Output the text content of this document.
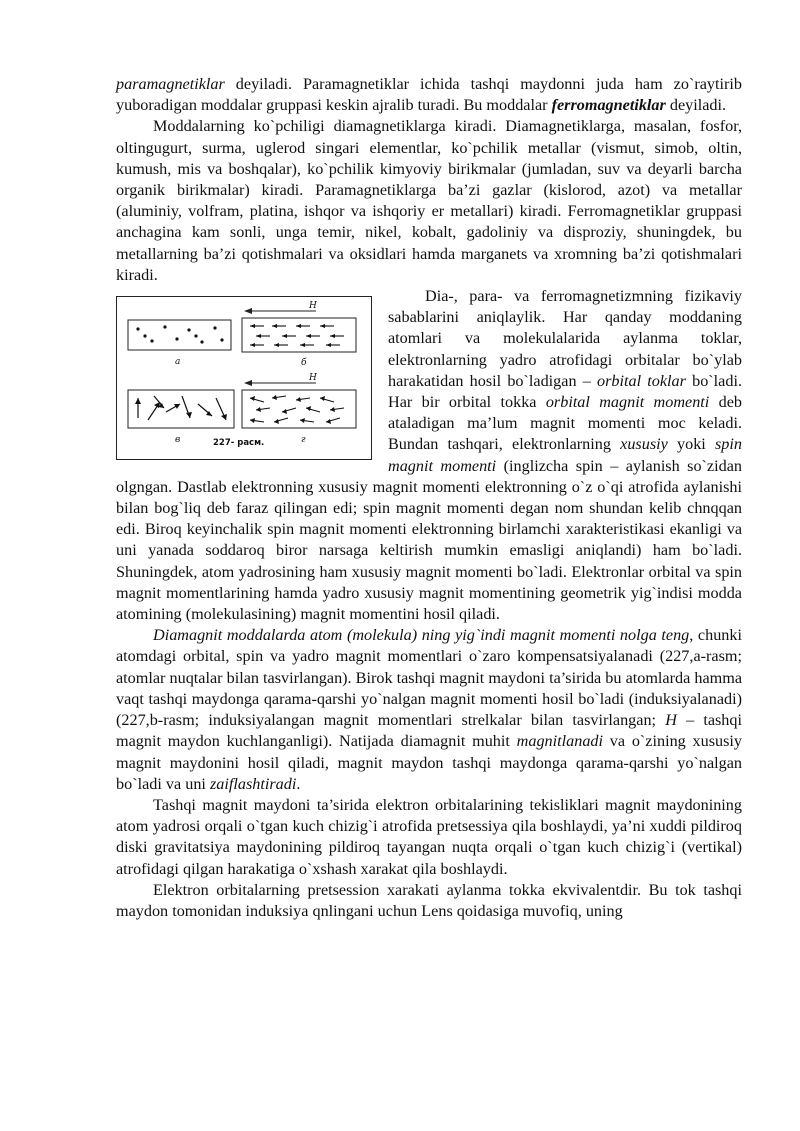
paramagnetiklar deyiladi. Paramagnetiklar ichida tashqi maydonni juda ham zo`raytirib yuboradigan moddalar gruppasi keskin ajralib turadi. Bu moddalar ferromagnetiklar deyiladi.

Moddalarning ko`pchiligi diamagnetiklarga kiradi. Diamagnetiklarga, masalan, fosfor, oltingugurt, surma, uglerod singari elementlar, ko`pchilik metallar (vismut, simob, oltin, kumush, mis va boshqalar), ko`pchilik kimyoviy birikmalar (jumladan, suv va deyarli barcha organik birikmalar) kiradi. Paramagnetiklarga ba’zi gazlar (kislorod, azot) va metallar (aluminiy, volfram, platina, ishqor va ishqoriy er metallari) kiradi. Ferromagnetiklar gruppasi anchagina kam sonli, unga temir, nikel, kobalt, gadoliniy va disproziy, shuningdek, bu metallarning ba’zi qotishmalari va oksidlari hamda marganets va xromning ba’zi qotishmalari kiradi.

H
H
a	б
в	г
227- рacм.

Dia-, para- va ferromagnetizmning fizikaviy sabablarini aniqlaylik. Har qanday moddaning atomlari va molekulalarida aylanma toklar, elektronlarning yadro atrofidagi orbitalar bo`ylab harakatidan hosil bo`ladigan – orbital toklar bo`ladi. Har bir orbital tokka orbital magnit momenti deb ataladigan ma’lum magnit momenti moc keladi. Bundan tashqari, elektronlarning xususiy yoki spin magnit momenti (inglizcha spin – aylanish so`zidan olgngan. Dastlab elektronning xususiy magnit momenti elektronning o`z o`qi atrofida aylanishi bilan bog`liq deb faraz qilingan edi; spin magnit momenti degan nom shundan kelib chnqqan edi. Biroq keyinchalik spin magnit momenti elektronning birlamchi xarakteristikasi ekanligi va uni yanada soddaroq biror narsaga keltirish mumkin emasligi aniqlandi) ham bo`ladi. Shuningdek, atom yadrosining ham xususiy magnit momenti bo`ladi. Elektronlar orbital va spin magnit momentlarining hamda yadro xususiy magnit momentining geometrik yig`indisi modda atomining (molekulasining) magnit momentini hosil qiladi.

Diamagnit moddalarda atom (molekula) ning yig`indi magnit momenti nolga teng, chunki atomdagi orbital, spin va yadro magnit momentlari o`zaro kompensatsiyalanadi (227,a-rasm; atomlar nuqtalar bilan tasvirlangan). Birok tashqi magnit maydoni ta’sirida bu atomlarda hamma vaqt tashqi maydonga qarama-qarshi yo`nalgan magnit momenti hosil bo`ladi (induksiyalanadi) (227,b-rasm; induksiyalangan magnit momentlari strelkalar bilan tasvirlangan; H – tashqi magnit maydon kuchlanganligi). Natijada diamagnit muhit magnitlanadi va o`zining xususiy magnit maydonini hosil qiladi, magnit maydon tashqi maydonga qarama-qarshi yo`nalgan bo`ladi va uni zaiflashtiradi.

Tashqi magnit maydoni ta’sirida elektron orbitalarining tekisliklari magnit maydonining atom yadrosi orqali o`tgan kuch chizig`i atrofida pretsessiya qila boshlaydi, ya’ni xuddi pildiroq diski gravitatsiya maydonining pildiroq tayangan nuqta orqali o`tgan kuch chizig`i (vertikal) atrofidagi qilgan harakatiga o`xshash xarakat qila boshlaydi.

Elektron orbitalarning pretsession xarakati aylanma tokka ekvivalentdir. Bu tok tashqi maydon tomonidan induksiya qnlingani uchun Lens qoidasiga muvofiq, uning
